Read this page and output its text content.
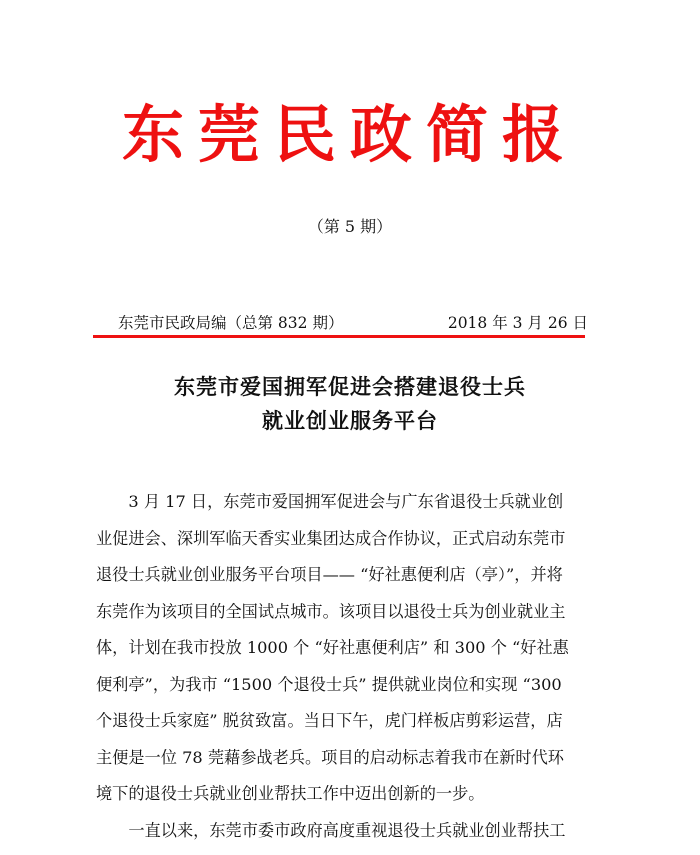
东莞民政简报
（第 5 期）
东莞市民政局编（总第 832 期）	2018 年 3 月 26 日
东莞市爱国拥军促进会搭建退役士兵
就业创业服务平台
3 月 17 日，东莞市爱国拥军促进会与广东省退役士兵就业创
业促进会、深圳军临天香实业集团达成合作协议，正式启动东莞市
退役士兵就业创业服务平台项目—— “好社惠便利店（亭）”，并将
东莞作为该项目的全国试点城市。该项目以退役士兵为创业就业主
体，计划在我市投放 1000 个 “好社惠便利店” 和 300 个 “好社惠
便利亭”，为我市 “1500 个退役士兵” 提供就业岗位和实现 “300
个退役士兵家庭” 脱贫致富。当日下午，虎门样板店剪彩运营，店
主便是一位 78 莞藉参战老兵。项目的启动标志着我市在新时代环
境下的退役士兵就业创业帮扶工作中迈出创新的一步。
一直以来，东莞市委市政府高度重视退役士兵就业创业帮扶工
